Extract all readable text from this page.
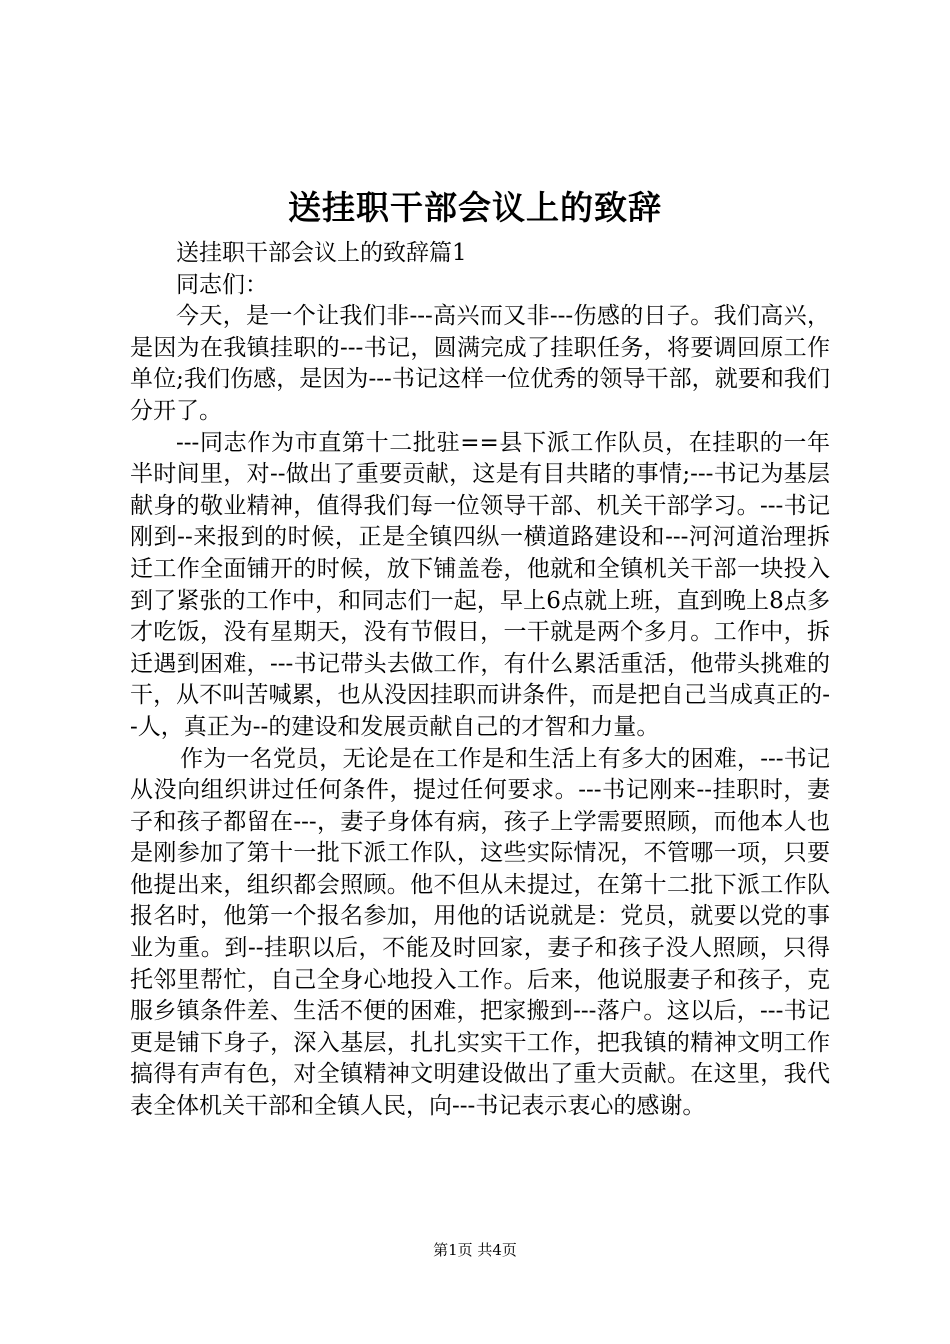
送挂职干部会议上的致辞

送挂职干部会议上的致辞篇1

同志们：

今天，是一个让我们非---高兴而又非---伤感的日子。我们高兴，是因为在我镇挂职的---书记，圆满完成了挂职任务，将要调回原工作单位;我们伤感，是因为---书记这样一位优秀的领导干部，就要和我们分开了。

---同志作为市直第十二批驻==县下派工作队员，在挂职的一年半时间里，对--做出了重要贡献，这是有目共睹的事情;---书记为基层献身的敬业精神，值得我们每一位领导干部、机关干部学习。---书记刚到--来报到的时候，正是全镇四纵一横道路建设和---河河道治理拆迁工作全面铺开的时候，放下铺盖卷，他就和全镇机关干部一块投入到了紧张的工作中，和同志们一起，早上6点就上班，直到晚上8点多才吃饭，没有星期天，没有节假日，一干就是两个多月。工作中，拆迁遇到困难，---书记带头去做工作，有什么累活重活，他带头挑难的干，从不叫苦喊累，也从没因挂职而讲条件，而是把自己当成真正的--人，真正为--的建设和发展贡献自己的才智和力量。

作为一名党员，无论是在工作是和生活上有多大的困难，---书记从没向组织讲过任何条件，提过任何要求。---书记刚来--挂职时，妻子和孩子都留在---，妻子身体有病，孩子上学需要照顾，而他本人也是刚参加了第十一批下派工作队，这些实际情况，不管哪一项，只要他提出来，组织都会照顾。他不但从未提过，在第十二批下派工作队报名时，他第一个报名参加，用他的话说就是：党员，就要以党的事业为重。到--挂职以后，不能及时回家，妻子和孩子没人照顾，只得托邻里帮忙，自己全身心地投入工作。后来，他说服妻子和孩子，克服乡镇条件差、生活不便的困难，把家搬到---落户。这以后，---书记更是铺下身子，深入基层，扎扎实实干工作，把我镇的精神文明工作搞得有声有色，对全镇精神文明建设做出了重大贡献。在这里，我代表全体机关干部和全镇人民，向---书记表示衷心的感谢。

第1页 共4页
